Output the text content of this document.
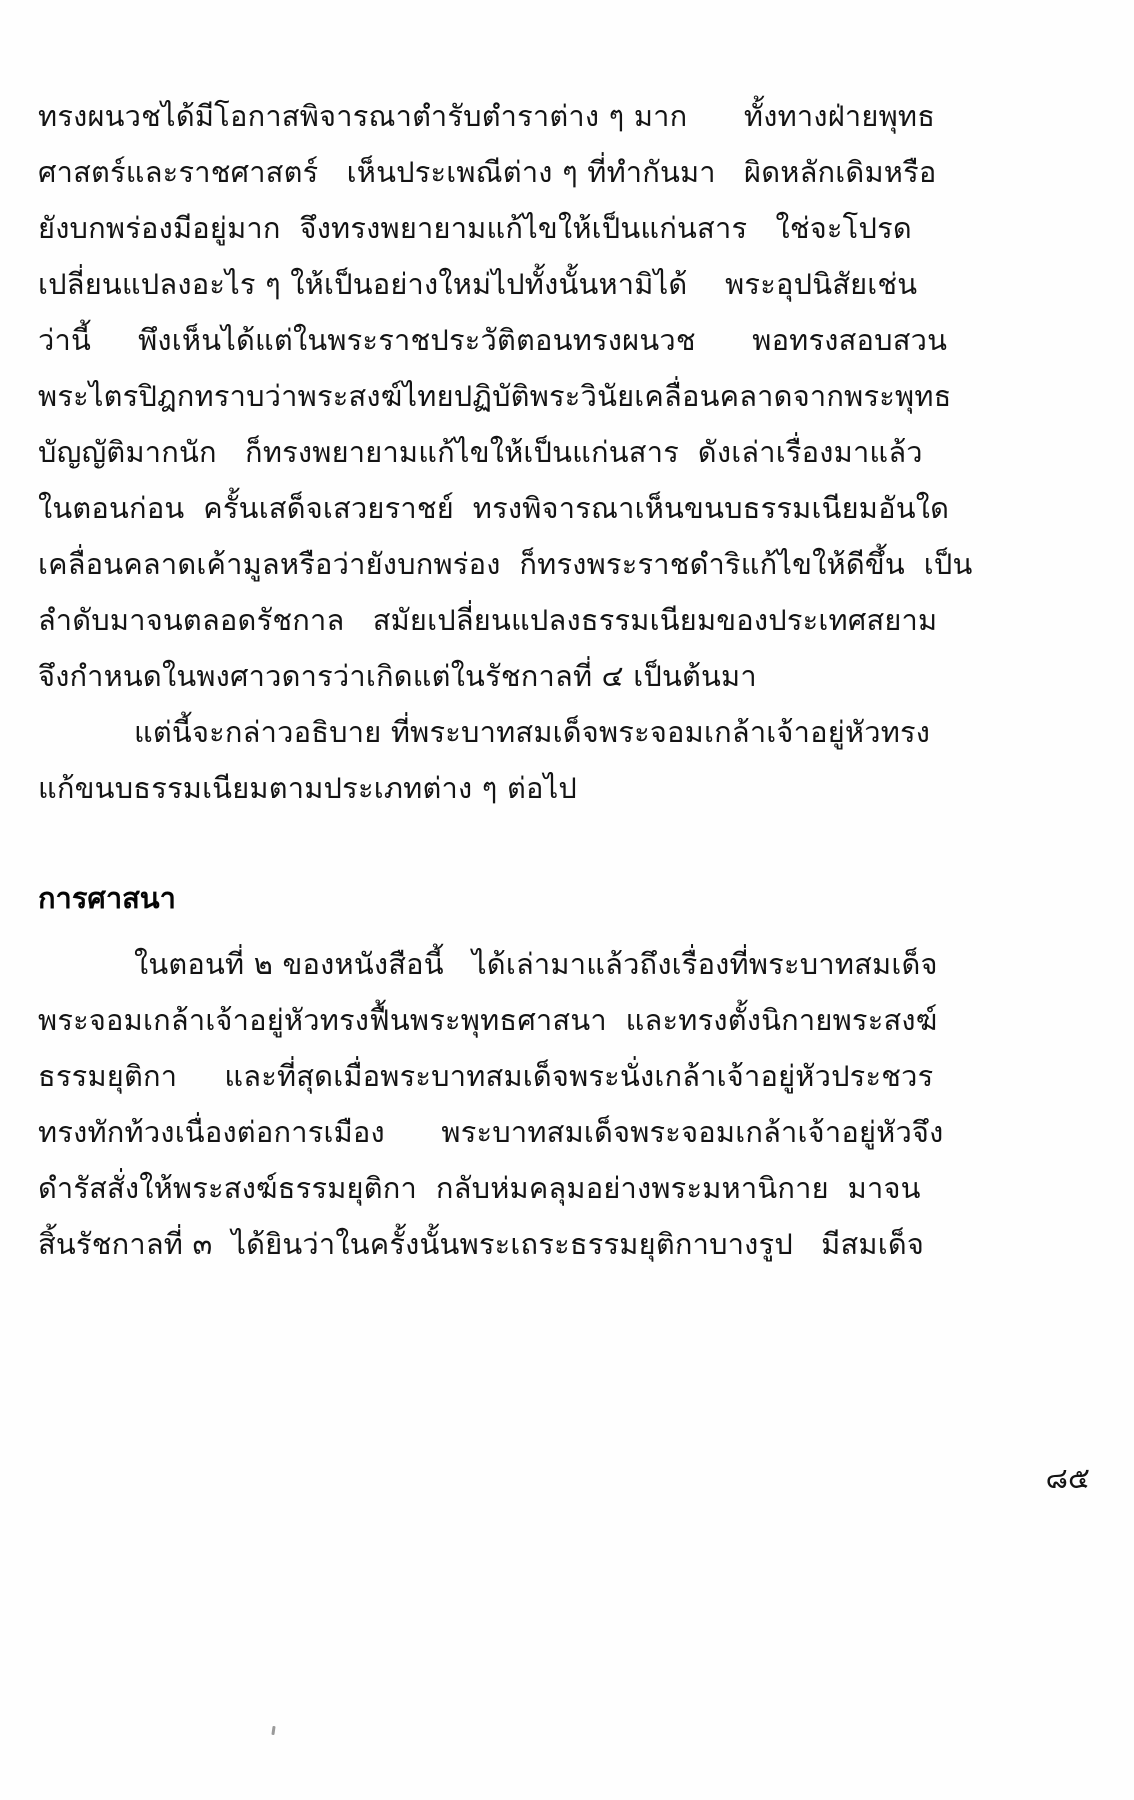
ทรงผนวชได้มีโอกาสพิจารณาตำรับตำราต่าง ๆ มาก      ทั้งทางฝ่ายพุทธ
ศาสตร์และราชศาสตร์   เห็นประเพณีต่าง ๆ ที่ทำกันมา   ผิดหลักเดิมหรือ
ยังบกพร่องมีอยู่มาก  จึงทรงพยายามแก้ไขให้เป็นแก่นสาร   ใช่จะโปรด
เปลี่ยนแปลงอะไร ๆ ให้เป็นอย่างใหม่ไปทั้งนั้นหามิได้    พระอุปนิสัยเช่น
ว่านี้     พึงเห็นได้แต่ในพระราชประวัติตอนทรงผนวช      พอทรงสอบสวน
พระไตรปิฎกทราบว่าพระสงฆ์ไทยปฏิบัติพระวินัยเคลื่อนคลาดจากพระพุทธ
บัญญัติมากนัก   ก็ทรงพยายามแก้ไขให้เป็นแก่นสาร  ดังเล่าเรื่องมาแล้ว
ในตอนก่อน  ครั้นเสด็จเสวยราชย์  ทรงพิจารณาเห็นขนบธรรมเนียมอันใด
เคลื่อนคลาดเค้ามูลหรือว่ายังบกพร่อง  ก็ทรงพระราชดำริแก้ไขให้ดีขึ้น  เป็น
ลำดับมาจนตลอดรัชกาล   สมัยเปลี่ยนแปลงธรรมเนียมของประเทศสยาม
จึงกำหนดในพงศาวดารว่าเกิดแต่ในรัชกาลที่ ๔ เป็นต้นมา
แต่นี้จะกล่าวอธิบาย ที่พระบาทสมเด็จพระจอมเกล้าเจ้าอยู่หัวทรง
แก้ขนบธรรมเนียมตามประเภทต่าง ๆ ต่อไป
การศาสนา
ในตอนที่ ๒ ของหนังสือนี้   ได้เล่ามาแล้วถึงเรื่องที่พระบาทสมเด็จ
พระจอมเกล้าเจ้าอยู่หัวทรงฟื้นพระพุทธศาสนา  และทรงตั้งนิกายพระสงฆ์
ธรรมยุติกา     และที่สุดเมื่อพระบาทสมเด็จพระนั่งเกล้าเจ้าอยู่หัวประชวร
ทรงทักท้วงเนื่องต่อการเมือง      พระบาทสมเด็จพระจอมเกล้าเจ้าอยู่หัวจึง
ดำรัสสั่งให้พระสงฆ์ธรรมยุติกา  กลับห่มคลุมอย่างพระมหานิกาย  มาจน
สิ้นรัชกาลที่ ๓  ได้ยินว่าในครั้งนั้นพระเถระธรรมยุติกาบางรูป   มีสมเด็จ
๘๕
